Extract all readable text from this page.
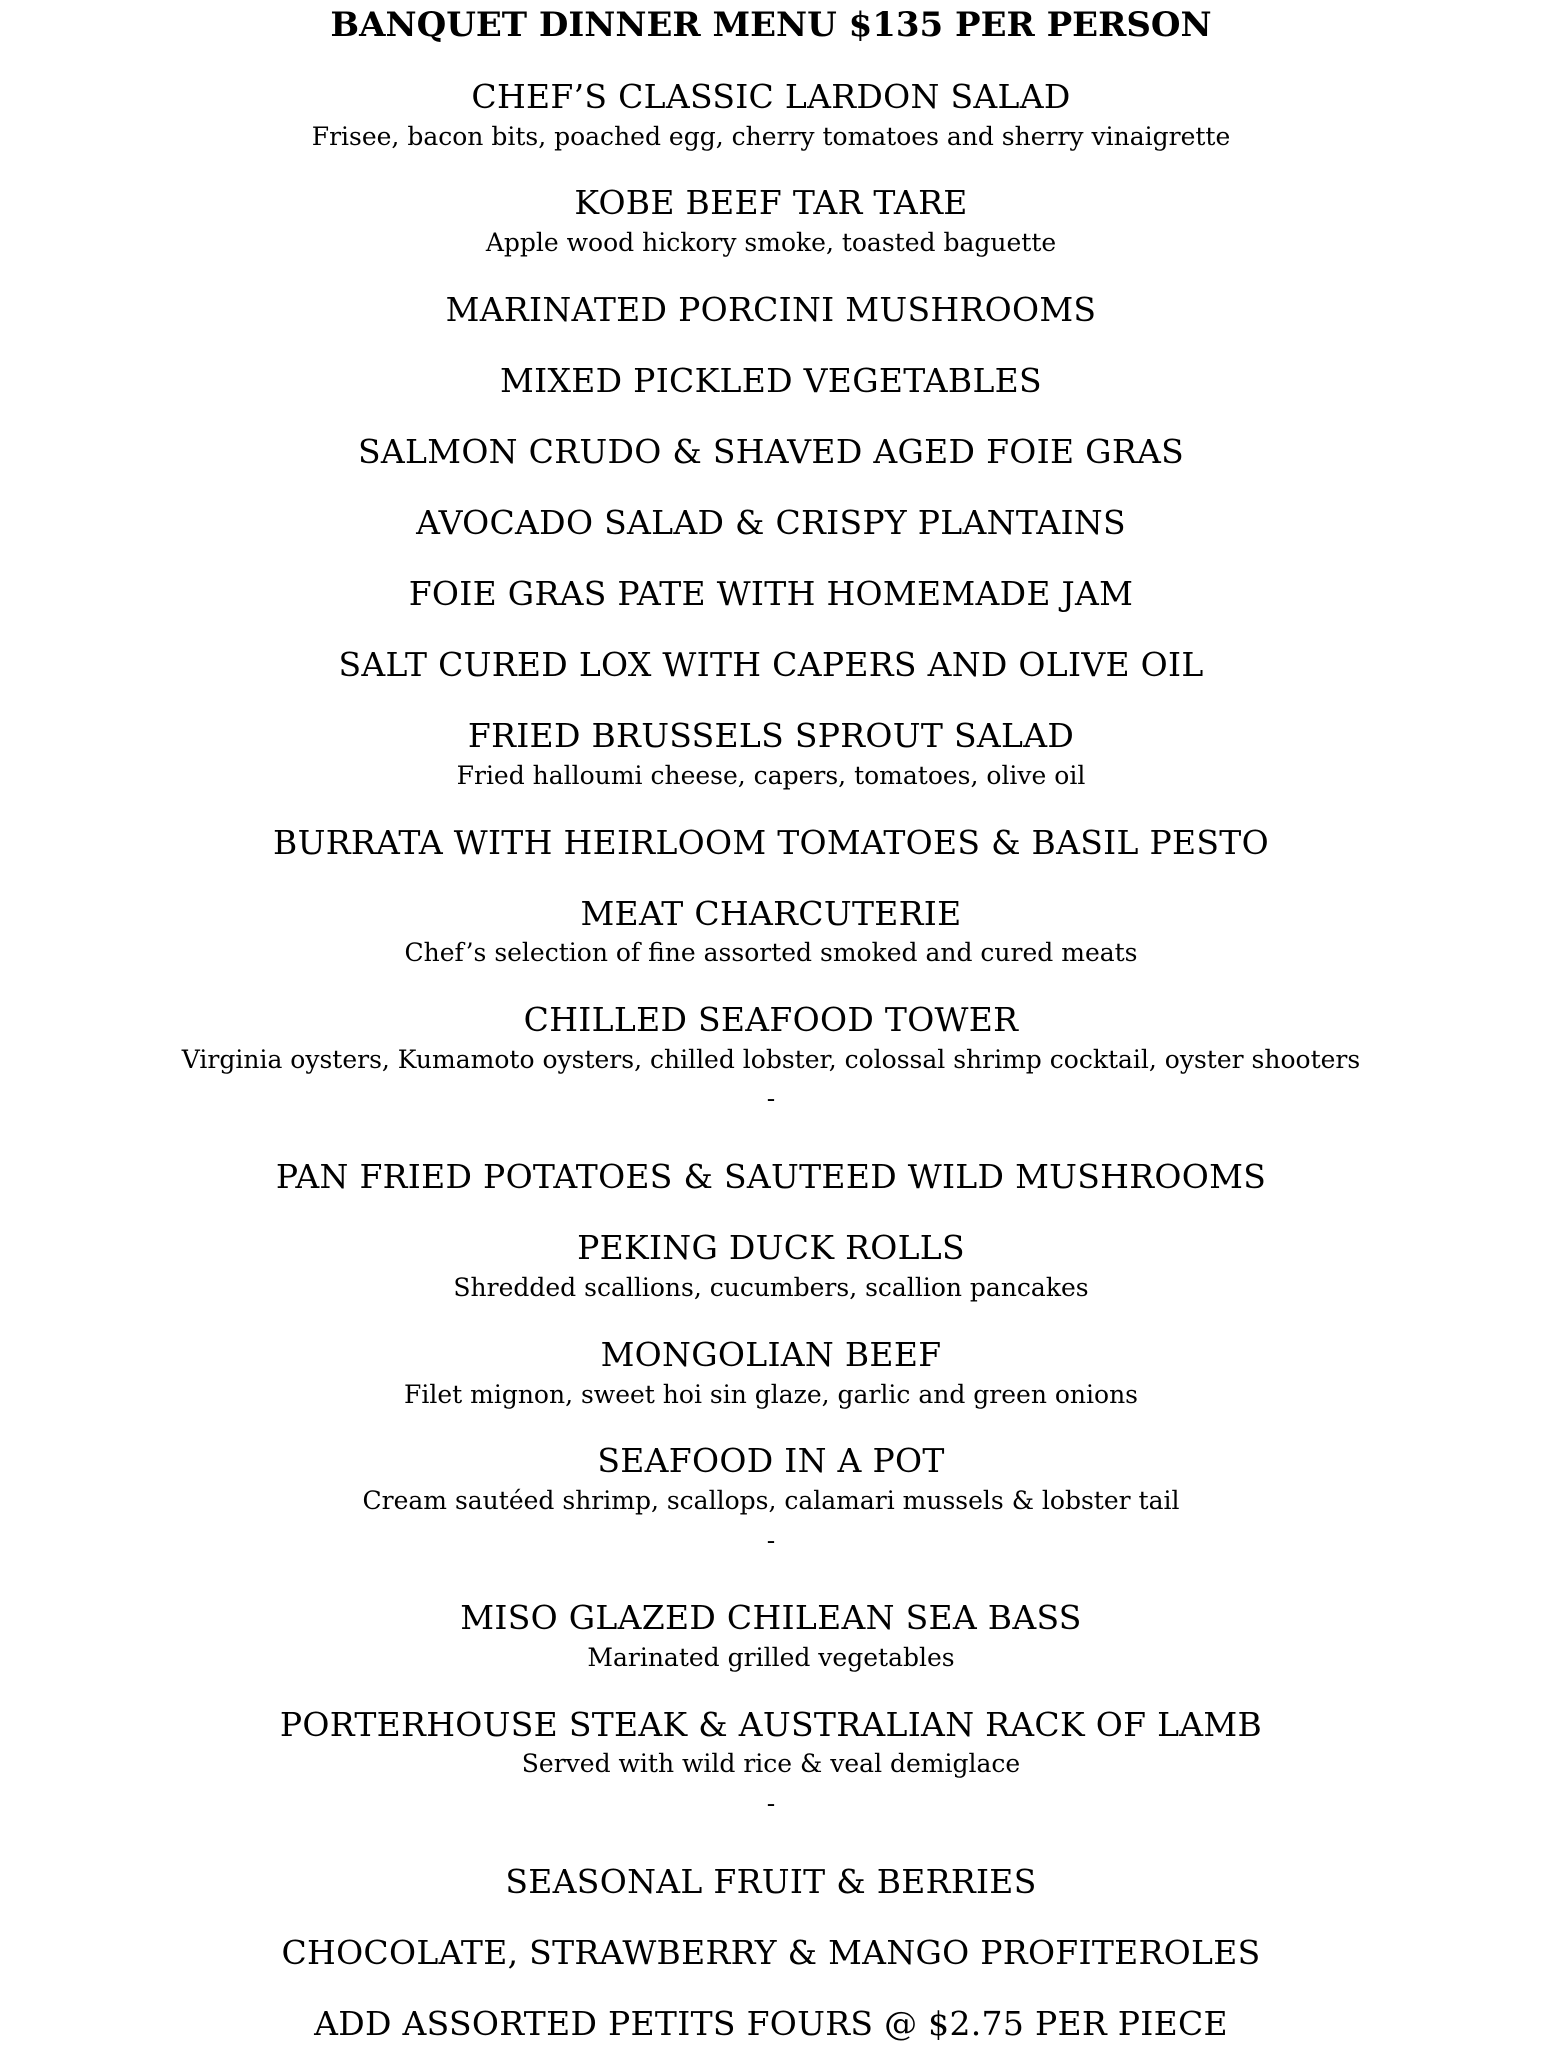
BANQUET DINNER MENU $135 PER PERSON
CHEF’S CLASSIC LARDON SALAD
Frisee, bacon bits, poached egg, cherry tomatoes and sherry vinaigrette
KOBE BEEF TAR TARE
Apple wood hickory smoke, toasted baguette
MARINATED PORCINI MUSHROOMS
MIXED PICKLED VEGETABLES
SALMON CRUDO & SHAVED AGED FOIE GRAS
AVOCADO SALAD & CRISPY PLANTAINS
FOIE GRAS PATE WITH HOMEMADE JAM
SALT CURED LOX WITH CAPERS AND OLIVE OIL
FRIED BRUSSELS SPROUT SALAD
Fried halloumi cheese, capers, tomatoes, olive oil
BURRATA WITH HEIRLOOM TOMATOES & BASIL PESTO
MEAT CHARCUTERIE
Chef’s selection of fine assorted smoked and cured meats
CHILLED SEAFOOD TOWER
Virginia oysters, Kumamoto oysters, chilled lobster, colossal shrimp cocktail, oyster shooters
-
PAN FRIED POTATOES & SAUTEED WILD MUSHROOMS
PEKING DUCK ROLLS
Shredded scallions, cucumbers, scallion pancakes
MONGOLIAN BEEF
Filet mignon, sweet hoi sin glaze, garlic and green onions
SEAFOOD IN A POT
Cream sautéed shrimp, scallops, calamari mussels & lobster tail
-
MISO GLAZED CHILEAN SEA BASS
Marinated grilled vegetables
PORTERHOUSE STEAK & AUSTRALIAN RACK OF LAMB
Served with wild rice & veal demiglace
-
SEASONAL FRUIT & BERRIES
CHOCOLATE, STRAWBERRY & MANGO PROFITEROLES
ADD ASSORTED PETITS FOURS @ $2.75 PER PIECE
